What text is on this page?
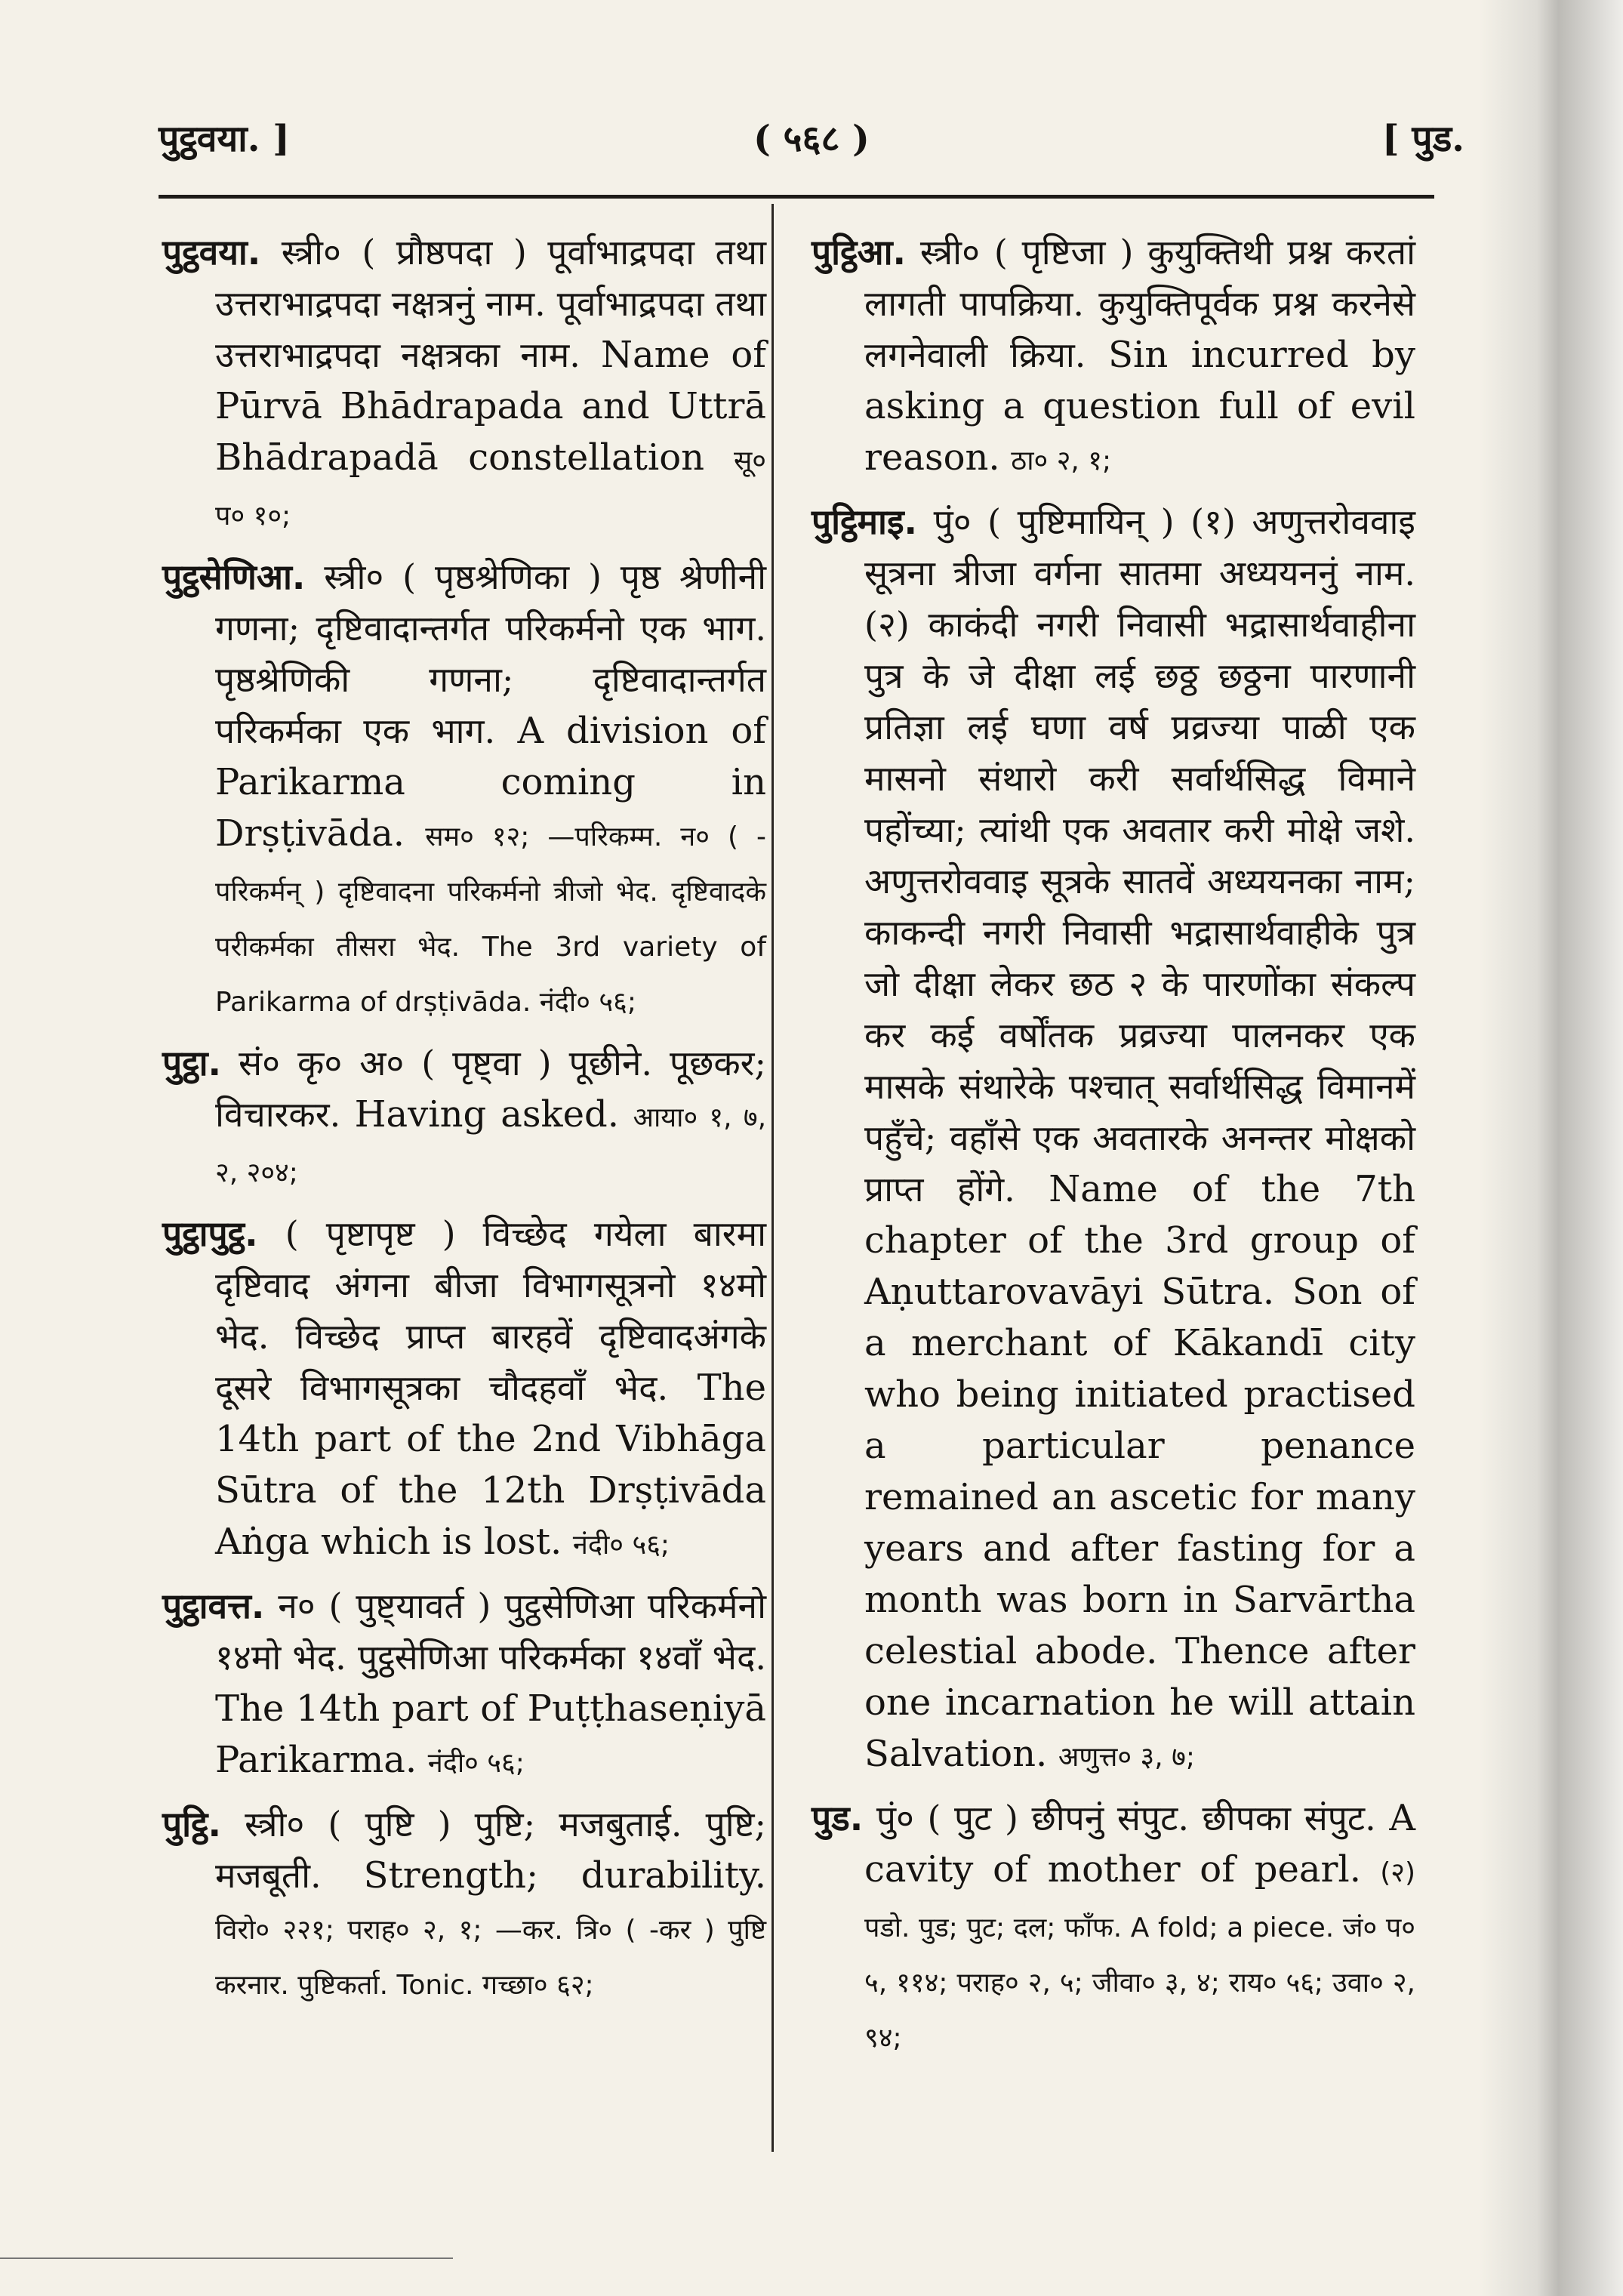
पुट्ठवया. ]	( ५६८ )	[ पुड.

पुट्ठवया. स्त्री० ( प्रौष्ठपदा ) पूर्वाभाद्रपदा तथा उत्तराभाद्रपदा नक्षत्रनुं नाम. पूर्वाभाद्रपदा तथा उत्तराभाद्रपदा नक्षत्रका नाम. Name of Pūrvā Bhādrapada and Uttrā Bhādrapadā constellation सू० प० १०;

पुट्ठसेणिआ. स्त्री० ( पृष्ठश्रेणिका ) पृष्ठ श्रेणीनी गणना; दृष्टिवादान्तर्गत परिकर्मनो एक भाग. पृष्ठश्रेणिकी गणना; दृष्टिवादान्तर्गत परिकर्मका एक भाग. A division of Parikarma coming in Drṣṭivāda. सम० १२; —परिकम्म. न० ( -परिकर्मन् ) दृष्टिवादना परिकर्मनो त्रीजो भेद. दृष्टिवादके परीकर्मका तीसरा भेद. The 3rd variety of Parikarma of drṣṭivāda. नंदी० ५६;

पुट्ठा. सं० कृ० अ० ( पृष्ट्वा ) पूछीने. पूछकर; विचारकर. Having asked. आया० १, ७, २, २०४;

पुट्ठापुट्ठ. ( पृष्टापृष्ट ) विच्छेद गयेला बारमा दृष्टिवाद अंगना बीजा विभागसूत्रनो १४मो भेद. विच्छेद प्राप्त बारहवें दृष्टिवादअंगके दूसरे विभागसूत्रका चौदहवाँ भेद. The 14th part of the 2nd Vibhāga Sūtra of the 12th Drṣṭivāda Aṅga which is lost. नंदी० ५६;

पुट्ठावत्त. न० ( पुष्ट्यावर्त ) पुट्ठसेणिआ परिकर्मनो १४मो भेद. पुट्ठसेणिआ परिकर्मका १४वाँ भेद. The 14th part of Puṭṭhaseṇiyā Parikarma. नंदी० ५६;

पुट्ठि. स्त्री० ( पुष्टि ) पुष्टि; मजबुताई. पुष्टि; मजबूती. Strength; durability. विरो० २२१; पराह० २, १; —कर. त्रि० ( -कर ) पुष्टि करनार. पुष्टिकर्ता. Tonic. गच्छा० ६२;

पुट्ठिआ. स्त्री० ( पृष्टिजा ) कुयुक्तिथी प्रश्न करतां लागती पापक्रिया. कुयुक्तिपूर्वक प्रश्न करनेसे लगनेवाली क्रिया. Sin incurred by asking a question full of evil reason. ठा० २, १;

पुट्ठिमाइ. पुं० ( पुष्टिमायिन् ) (१) अणुत्तरोववाइ सूत्रना त्रीजा वर्गना सातमा अध्ययननुं नाम. (२) काकंदी नगरी निवासी भद्रासार्थवाहीना पुत्र के जे दीक्षा लई छठ्ठ छठ्ठना पारणानी प्रतिज्ञा लई घणा वर्ष प्रव्रज्या पाळी एक मासनो संथारो करी सर्वार्थसिद्ध विमाने पहोंच्या; त्यांथी एक अवतार करी मोक्षे जशे. अणुत्तरोववाइ सूत्रके सातवें अध्ययनका नाम; काकन्दी नगरी निवासी भद्रासार्थवाहीके पुत्र जो दीक्षा लेकर छठ २ के पारणोंका संकल्प कर कई वर्षोंतक प्रव्रज्या पालनकर एक मासके संथारेके पश्चात् सर्वार्थसिद्ध विमानमें पहुँचे; वहाँसे एक अवतारके अनन्तर मोक्षको प्राप्त होंगे. Name of the 7th chapter of the 3rd group of Aṇuttarovavāyi Sūtra. Son of a merchant of Kākandī city who being initiated practised a particular penance remained an ascetic for many years and after fasting for a month was born in Sarvārtha celestial abode. Thence after one incarnation he will attain Salvation. अणुत्त० ३, ७;

पुड. पुं० ( पुट ) छीपनुं संपुट. छीपका संपुट. A cavity of mother of pearl. (२) पडो. पुड; पुट; दल; फाँफ. A fold; a piece. जं० प० ५, ११४; पराह० २, ५; जीवा० ३, ४; राय० ५६; उवा० २, ९४;
